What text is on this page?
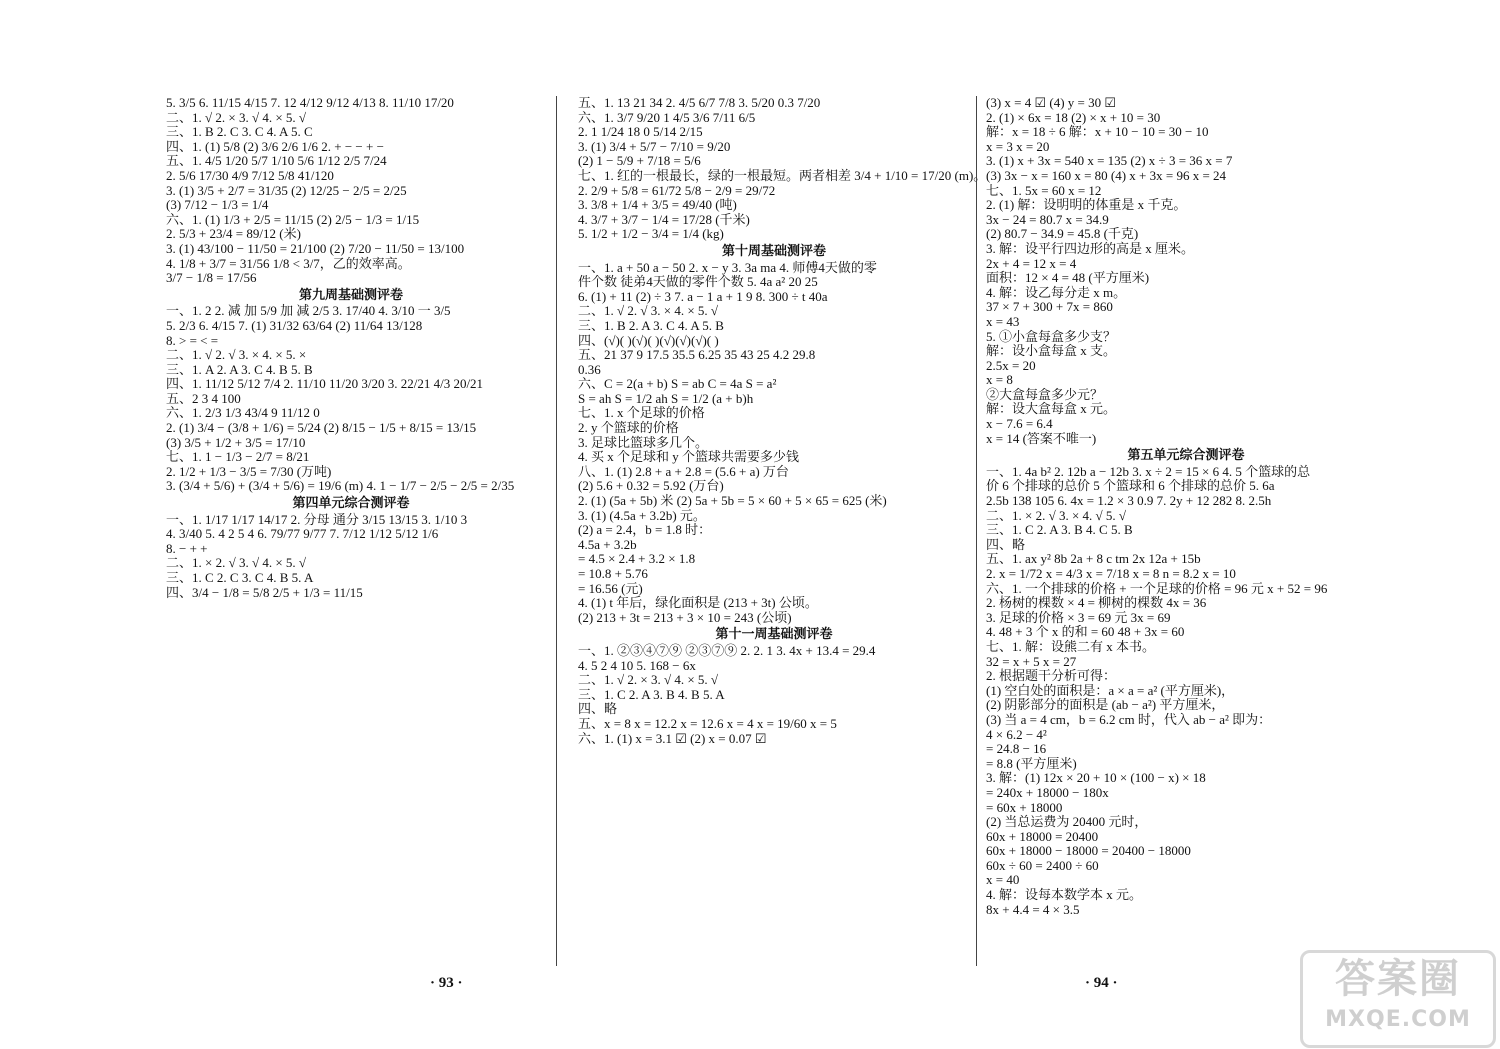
5. 3/5 6. 11/15 4/15 7. 12 4/12 9/12 4/13 8. 11/10 17/20
二、1. √ 2. × 3. √ 4. × 5. √
三、1. B 2. C 3. C 4. A 5. C
四、1. (1) 5/8 (2) 3/6 2/6 1/6 2. + − − + −
五、1. 4/5 1/20 5/7 1/10 5/6 1/12 2/5 7/24
2. 5/6 17/30 4/9 7/12 5/8 41/120
3. (1) 3/5 + 2/7 = 31/35 (2) 12/25 − 2/5 = 2/25
(3) 7/12 − 1/3 = 1/4
六、1. (1) 1/3 + 2/5 = 11/15 (2) 2/5 − 1/3 = 1/15
2. 5/3 + 23/4 = 89/12 (米)
3. (1) 43/100 − 11/50 = 21/100 (2) 7/20 − 11/50 = 13/100
4. 1/8 + 3/7 = 31/56 1/8 < 3/7，乙的效率高。
3/7 − 1/8 = 17/56
第九周基础测评卷
一、1. 2 2. 减 加 5/9 加 减 2/5 3. 17/40 4. 3/10 一 3/5
5. 2/3 6. 4/15 7. (1) 31/32 63/64 (2) 11/64 13/128
8. > = < =
二、1. √ 2. √ 3. × 4. × 5. ×
三、1. A 2. A 3. C 4. B 5. B
四、1. 11/12 5/12 7/4 2. 11/10 11/20 3/20 3. 22/21 4/3 20/21
五、2 3 4 100
六、1. 2/3 1/3 43/4 9 11/12 0
2. (1) 3/4 − (3/8 + 1/6) = 5/24 (2) 8/15 − 1/5 + 8/15 = 13/15
(3) 3/5 + 1/2 + 3/5 = 17/10
七、1. 1 − 1/3 − 2/7 = 8/21
2. 1/2 + 1/3 − 3/5 = 7/30 (万吨)
3. (3/4 + 5/6) + (3/4 + 5/6) = 19/6 (m) 4. 1 − 1/7 − 2/5 − 2/5 = 2/35
第四单元综合测评卷
一、1. 1/17 1/17 14/17 2. 分母 通分 3/15 13/15 3. 1/10 3
4. 3/40 5. 4 2 5 4 6. 79/77 9/77 7. 7/12 1/12 5/12 1/6
8. − + +
二、1. × 2. √ 3. √ 4. × 5. √
三、1. C 2. C 3. C 4. B 5. A
四、3/4 − 1/8 = 5/8 2/5 + 1/3 = 11/15
五、1. 13 21 34 2. 4/5 6/7 7/8 3. 5/20 0.3 7/20
六、1. 3/7 9/20 1 4/5 3/6 7/11 6/5
2. 1 1/24 18 0 5/14 2/15
3. (1) 3/4 + 5/7 − 7/10 = 9/20
(2) 1 − 5/9 + 7/18 = 5/6
七、1. 红的一根最长，绿的一根最短。两者相差 3/4 + 1/10 = 17/20 (m)。
2. 2/9 + 5/8 = 61/72 5/8 − 2/9 = 29/72
3. 3/8 + 1/4 + 3/5 = 49/40 (吨)
4. 3/7 + 3/7 − 1/4 = 17/28 (千米)
5. 1/2 + 1/2 − 3/4 = 1/4 (kg)
第十周基础测评卷
一、1. a + 50 a − 50 2. x − y 3. 3a ma 4. 师傅4天做的零
件个数 徒弟4天做的零件个数 5. 4a a² 20 25
6. (1) + 11 (2) ÷ 3 7. a − 1 a + 1 9 8. 300 ÷ t 40a
二、1. √ 2. √ 3. × 4. × 5. √
三、1. B 2. A 3. C 4. A 5. B
四、(√)( )(√)( )(√)(√)(√)( )
五、21 37 9 17.5 35.5 6.25 35 43 25 4.2 29.8
0.36
六、C = 2(a + b) S = ab C = 4a S = a²
S = ah S = 1/2 ah S = 1/2 (a + b)h
七、1. x 个足球的价格
2. y 个篮球的价格
3. 足球比篮球多几个。
4. 买 x 个足球和 y 个篮球共需要多少钱
八、1. (1) 2.8 + a + 2.8 = (5.6 + a) 万台
(2) 5.6 + 0.32 = 5.92 (万台)
2. (1) (5a + 5b) 米 (2) 5a + 5b = 5 × 60 + 5 × 65 = 625 (米)
3. (1) (4.5a + 3.2b) 元。
(2) a = 2.4，b = 1.8 时：
4.5a + 3.2b
= 4.5 × 2.4 + 3.2 × 1.8
= 10.8 + 5.76
= 16.56 (元)
4. (1) t 年后，绿化面积是 (213 + 3t) 公顷。
(2) 213 + 3t = 213 + 3 × 10 = 243 (公顷)
第十一周基础测评卷
一、1. ②③④⑦⑨ ②③⑦⑨ 2. 2. 1 3. 4x + 13.4 = 29.4
4. 5 2 4 10 5. 168 − 6x
二、1. √ 2. × 3. √ 4. × 5. √
三、1. C 2. A 3. B 4. B 5. A
四、略
五、x = 8 x = 12.2 x = 12.6 x = 4 x = 19/60 x = 5
六、1. (1) x = 3.1 ☑ (2) x = 0.07 ☑
(3) x = 4 ☑ (4) y = 30 ☑
2. (1) × 6x = 18 (2) × x + 10 = 30
解：x = 18 ÷ 6 解：x + 10 − 10 = 30 − 10
x = 3 x = 20
3. (1) x + 3x = 540 x = 135 (2) x ÷ 3 = 36 x = 7
(3) 3x − x = 160 x = 80 (4) x + 3x = 96 x = 24
七、1. 5x = 60 x = 12
2. (1) 解：设明明的体重是 x 千克。
3x − 24 = 80.7 x = 34.9
(2) 80.7 − 34.9 = 45.8 (千克)
3. 解：设平行四边形的高是 x 厘米。
2x + 4 = 12 x = 4
面积：12 × 4 = 48 (平方厘米)
4. 解：设乙每分走 x m。
37 × 7 + 300 + 7x = 860
x = 43
5. ①小盒每盒多少支？
解：设小盒每盒 x 支。
2.5x = 20
x = 8
②大盒每盒多少元？
解：设大盒每盒 x 元。
x − 7.6 = 6.4
x = 14 (答案不唯一)
第五单元综合测评卷
一、1. 4a b² 2. 12b a − 12b 3. x ÷ 2 = 15 × 6 4. 5 个篮球的总
价 6 个排球的总价 5 个篮球和 6 个排球的总价 5. 6a
2.5b 138 105 6. 4x = 1.2 × 3 0.9 7. 2y + 12 282 8. 2.5h
二、1. × 2. √ 3. × 4. √ 5. √
三、1. C 2. A 3. B 4. C 5. B
四、略
五、1. ax y² 8b 2a + 8 c tm 2x 12a + 15b
2. x = 1/72 x = 4/3 x = 7/18 x = 8 n = 8.2 x = 10
六、1. 一个排球的价格 + 一个足球的价格 = 96 元 x + 52 = 96
2. 杨树的棵数 × 4 = 柳树的棵数 4x = 36
3. 足球的价格 × 3 = 69 元 3x = 69
4. 48 + 3 个 x 的和 = 60 48 + 3x = 60
七、1. 解：设熊二有 x 本书。
32 = x + 5 x = 27
2. 根据题干分析可得：
(1) 空白处的面积是：a × a = a² (平方厘米)，
(2) 阴影部分的面积是 (ab − a²) 平方厘米，
(3) 当 a = 4 cm，b = 6.2 cm 时，代入 ab − a² 即为：
4 × 6.2 − 4²
= 24.8 − 16
= 8.8 (平方厘米)
3. 解：(1) 12x × 20 + 10 × (100 − x) × 18
= 240x + 18000 − 180x
= 60x + 18000
(2) 当总运费为 20400 元时，
60x + 18000 = 20400
60x + 18000 − 18000 = 20400 − 18000
60x ÷ 60 = 2400 ÷ 60
x = 40
4. 解：设每本数学本 x 元。
8x + 4.4 = 4 × 3.5
· 93 ·	· 94 ·	答案圈
MXQE.COM
